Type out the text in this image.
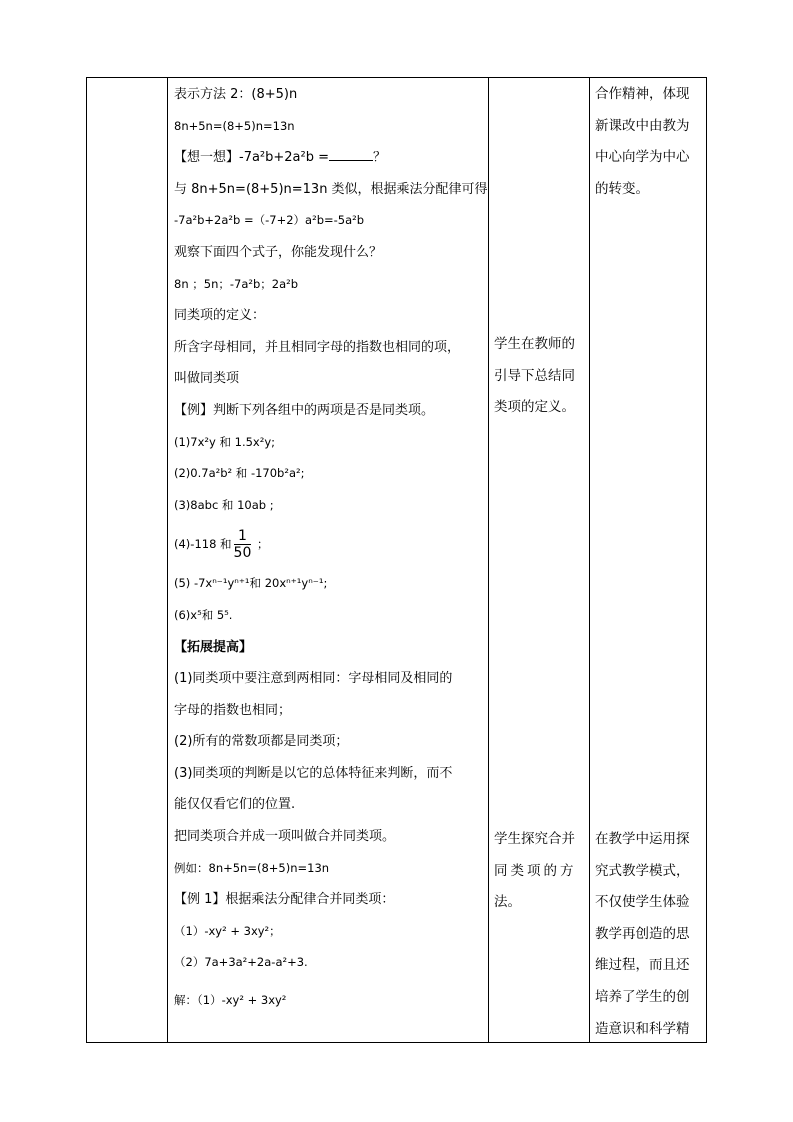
表示方法 2：(8+5)n
8n+5n=(8+5)n=13n
【想一想】-7a²b+2a²b =	？
与 8n+5n=(8+5)n=13n 类似，根据乘法分配律可得
-7a²b+2a²b =（-7+2）a²b=-5a²b
观察下面四个式子，你能发现什么？
8n ；5n；-7a²b；2a²b
同类项的定义：
所含字母相同，并且相同字母的指数也相同的项，
叫做同类项
【例】判断下列各组中的两项是否是同类项。
(1)7x²y 和 1.5x²y;
(2)0.7a²b² 和 -170b²a²;
(3)8abc 和 10ab ;
(4)-118 和 $\frac{1}{50}$ ；
(5) -7xⁿ⁻¹yⁿ⁺¹和 20xⁿ⁺¹yⁿ⁻¹;
(6)x⁵和 5⁵.
【拓展提高】
(1)同类项中要注意到两相同：字母相同及相同的
字母的指数也相同；
(2)所有的常数项都是同类项；
(3)同类项的判断是以它的总体特征来判断，而不
能仅仅看它们的位置.
把同类项合并成一项叫做合并同类项。
例如：8n+5n=(8+5)n=13n
【例 1】根据乘法分配律合并同类项：
（1）-xy² + 3xy²；
（2）7a+3a²+2a-a²+3.
解：（1）-xy² + 3xy²
学生在教师的
引导下总结同
类项的定义。
学生探究合并
同类项的方
法。
合作精神，体现
新课改中由教为
中心向学为中心
的转变。
在教学中运用探
究式教学模式，
不仅使学生体验
教学再创造的思
维过程，而且还
培养了学生的创
造意识和科学精
